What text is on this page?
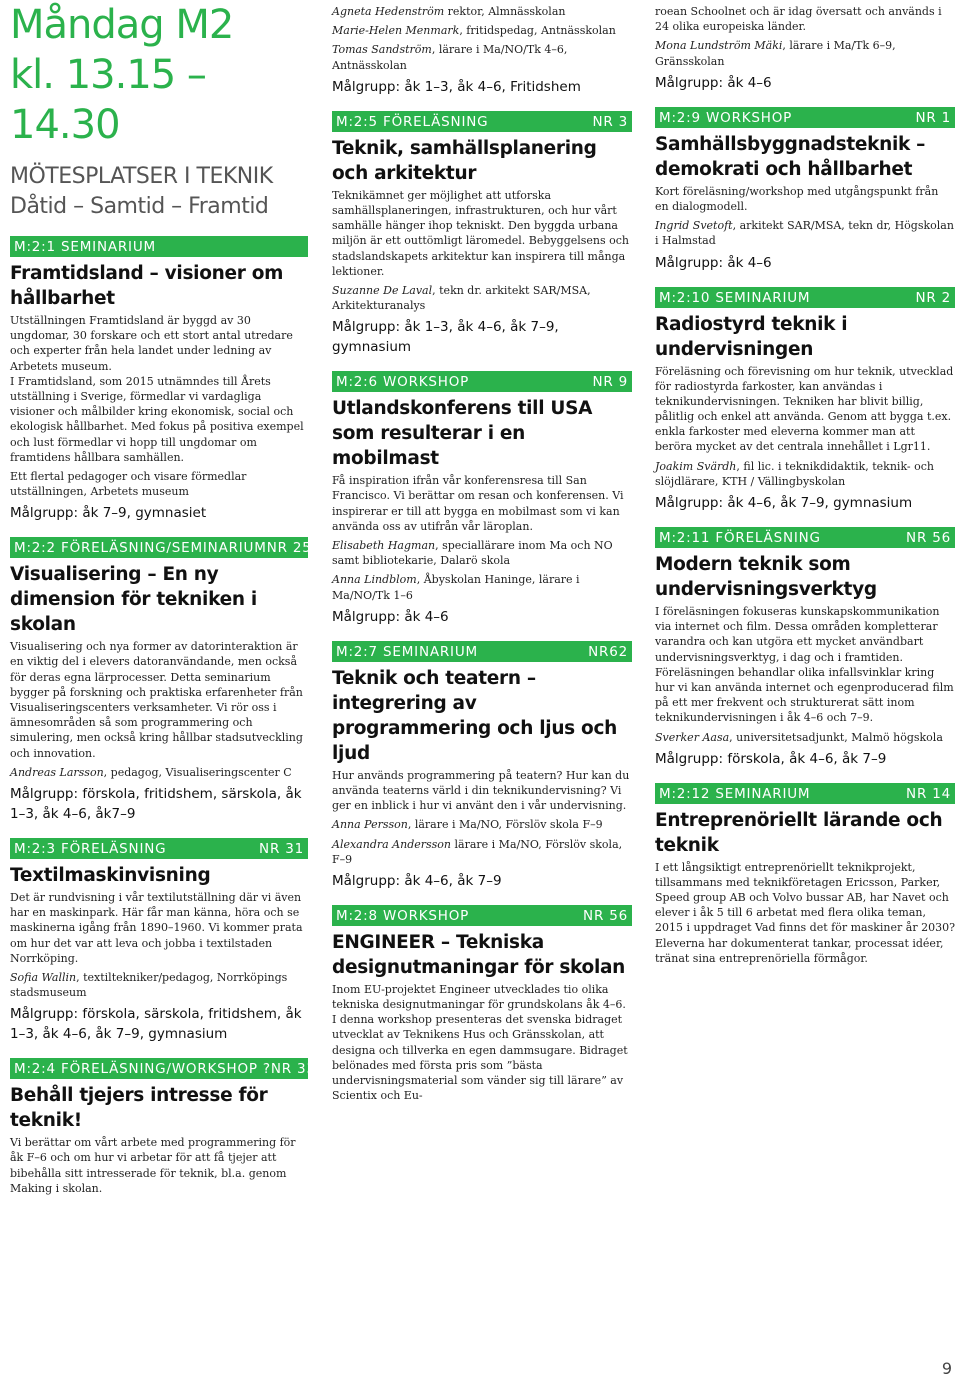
Måndag M2
kl. 13.15 – 14.30

MÖTESPLATSER I TEKNIK

Dåtid – Samtid – Framtid

M:2:1 SEMINARIUM
Framtidsland – visioner om hållbarhet

Utställningen Framtidsland är byggd av 30 ungdomar, 30 forskare och ett stort antal utredare och experter från hela landet under ledning av Arbetets museum.

I Framtidsland, som 2015 utnämndes till Årets utställning i Sverige, förmedlar vi vardagliga visioner och målbilder kring ekonomisk, social och ekologisk hållbarhet. Med fokus på positiva exempel och lust förmedlar vi hopp till ungdomar om framtidens hållbara samhällen.

Ett flertal pedagoger och visare förmedlar utställningen, Arbetets museum

Målgrupp: åk 7–9, gymnasiet

M:2:2 FÖRELÄSNING/SEMINARIUM NR 25
Visualisering – En ny dimension för tekniken i skolan

Visualisering och nya former av datorinteraktion är en viktig del i elevers datoranvändande, men också för deras egna lärprocesser. Detta seminarium bygger på forskning och praktiska erfarenheter från Visualiseringscenters verksamheter. Vi rör oss i ämnesområden så som programmering och simulering, men också kring hållbar stadsutveckling och innovation.

Andreas Larsson, pedagog, Visualiseringscenter C

Målgrupp: förskola, fritidshem, särskola, åk 1–3, åk 4–6, åk7–9

M:2:3 FÖRELÄSNING	NR 31
Textilmaskinvisning

Det är rundvisning i vår textilutställning där vi även har en maskinpark. Här får man känna, höra och se maskinerna igång från 1890–1960. Vi kommer prata om hur det var att leva och jobba i textilstaden Norrköping.

Sofia Wallin, textiltekniker/pedagog, Norrköpings stadsmuseum

Målgrupp: förskola, särskola, fritidshem, åk 1–3, åk 4–6, åk 7–9, gymnasium

M:2:4 FÖRELÄSNING/WORKSHOP ? NR 33
Behåll tjejers intresse för teknik!

Vi berättar om vårt arbete med programmering för åk F–6 och om hur vi arbetar för att få tjejer att bibehålla sitt intresserade för teknik, bl.a. genom Making i skolan.

Agneta Hedenström rektor, Almnässkolan

Marie-Helen Menmark, fritidspedag, Antnässkolan

Tomas Sandström, lärare i Ma/NO/Tk 4–6, Antnässkolan

Målgrupp: åk 1–3, åk 4–6, Fritidshem

M:2:5 FÖRELÄSNING	NR 3
Teknik, samhällsplanering och arkitektur

Teknikämnet ger möjlighet att utforska samhällsplaneringen, infrastrukturen, och hur vårt samhälle hänger ihop tekniskt. Den byggda urbana miljön är ett outtömligt läromedel. Bebyggelsens och stadslandskapets arkitektur kan inspirera till många lektioner.

Suzanne De Laval, tekn dr. arkitekt SAR/MSA, Arkitekturanalys

Målgrupp: åk 1–3, åk 4–6, åk 7–9, gymnasium

M:2:6 WORKSHOP	NR 9
Utlandskonferens till USA som resulterar i en mobilmast

Få inspiration ifrån vår konferensresa till San Francisco. Vi berättar om resan och konferensen. Vi inspirerar er till att bygga en mobilmast som vi kan använda oss av utifrån vår läroplan.

Elisabeth Hagman, speciallärare inom Ma och NO samt bibliotekarie, Dalarö skola

Anna Lindblom, Åbyskolan Haninge, lärare i Ma/NO/Tk 1–6

Målgrupp: åk 4–6

M:2:7 SEMINARIUM	NR62
Teknik och teatern – integrering av programmering och ljus och ljud

Hur används programmering på teatern? Hur kan du använda teaterns värld i din teknikundervisning? Vi ger en inblick i hur vi använt den i vår undervisning.

Anna Persson, lärare i Ma/NO, Förslöv skola F–9

Alexandra Andersson lärare i Ma/NO, Förslöv skola, F–9

Målgrupp: åk 4–6, åk 7–9

M:2:8 WORKSHOP	NR 56
ENGINEER – Tekniska designutmaningar för skolan

Inom EU-projektet Engineer utvecklades tio olika tekniska designutmaningar för grundskolans åk 4–6. I denna workshop presenteras det svenska bidraget utvecklat av Teknikens Hus och Gränsskolan, att designa och tillverka en egen dammsugare. Bidraget belönades med första pris som ”bästa undervisningsmaterial som vänder sig till lärare” av Scientix och Eu-

roean Schoolnet och är idag översatt och används i 24 olika europeiska länder.

Mona Lundström Mäki, lärare i Ma/Tk 6–9, Gränsskolan

Målgrupp: åk 4–6

M:2:9 WORKSHOP	NR 1
Samhällsbyggnadsteknik – demokrati och hållbarhet

Kort föreläsning/workshop med utgångspunkt från en dialogmodell.

Ingrid Svetoft, arkitekt SAR/MSA, tekn dr, Högskolan i Halmstad

Målgrupp: åk 4–6

M:2:10 SEMINARIUM	NR 2
Radiostyrd teknik i undervisningen

Föreläsning och förevisning om hur teknik, utvecklad för radiostyrda farkoster, kan användas i teknikundervisningen. Tekniken har blivit billig, pålitlig och enkel att använda. Genom att bygga t.ex. enkla farkoster med eleverna kommer man att beröra mycket av det centrala innehållet i Lgr11.

Joakim Svärdh, fil lic. i teknikdidaktik, teknik- och slöjdlärare, KTH / Vällingbyskolan

Målgrupp: åk 4–6, åk 7–9, gymnasium

M:2:11 FÖRELÄSNING	NR 56
Modern teknik som undervisningsverktyg

I föreläsningen fokuseras kunskapskommunikation via internet och film. Dessa områden kompletterar varandra och kan utgöra ett mycket användbart undervisningsverktyg, i dag och i framtiden. Föreläsningen behandlar olika infallsvinklar kring hur vi kan använda internet och egenproducerad film på ett mer frekvent och strukturerat sätt inom teknikundervisningen i åk 4–6 och 7–9.

Sverker Aasa, universitetsadjunkt, Malmö högskola

Målgrupp: förskola, åk 4–6, åk 7–9

M:2:12 SEMINARIUM	NR 14
Entreprenöriellt lärande och teknik

I ett långsiktigt entreprenöriellt teknikprojekt, tillsammans med teknikföretagen Ericsson, Parker, Speed group AB och Volvo bussar AB, har Navet och elever i åk 5 till 6 arbetat med flera olika teman, 2015 i uppdraget Vad finns det för maskiner år 2030? Eleverna har dokumenterat tankar, processat idéer, tränat sina entreprenöriella förmågor.

9
